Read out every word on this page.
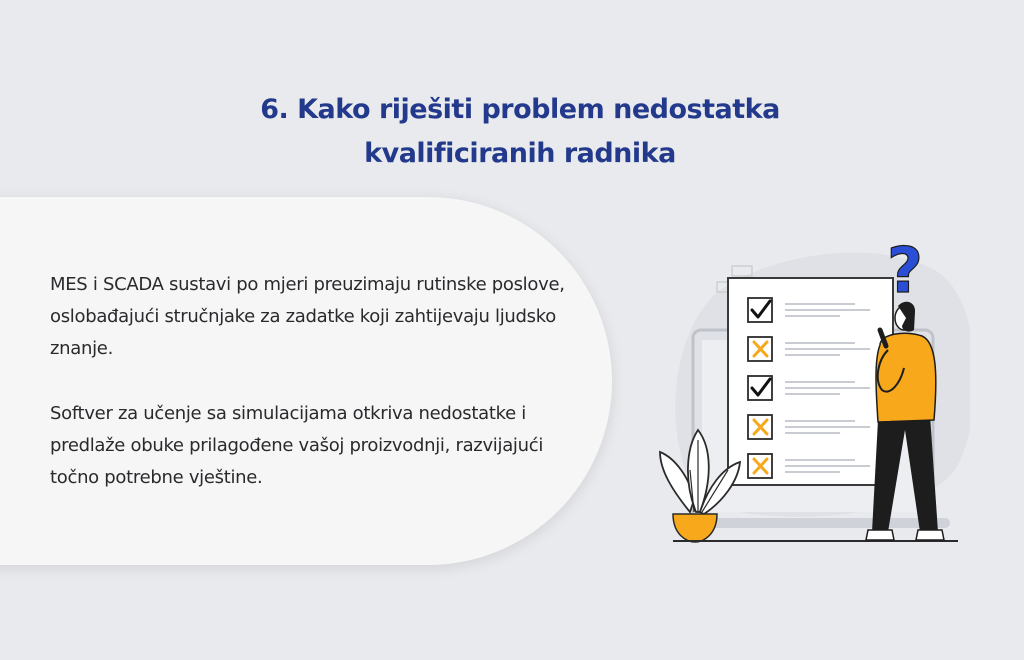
6. Kako riješiti problem nedostatka
kvalificiranih radnika

MES i SCADA sustavi po mjeri preuzimaju rutinske poslove, oslobađajući stručnjake za zadatke koji zahtijevaju ljudsko znanje.

Softver za učenje sa simulacijama otkriva nedostatke i predlaže obuke prilagođene vašoj proizvodnji, razvijajući točno potrebne vještine.

?
